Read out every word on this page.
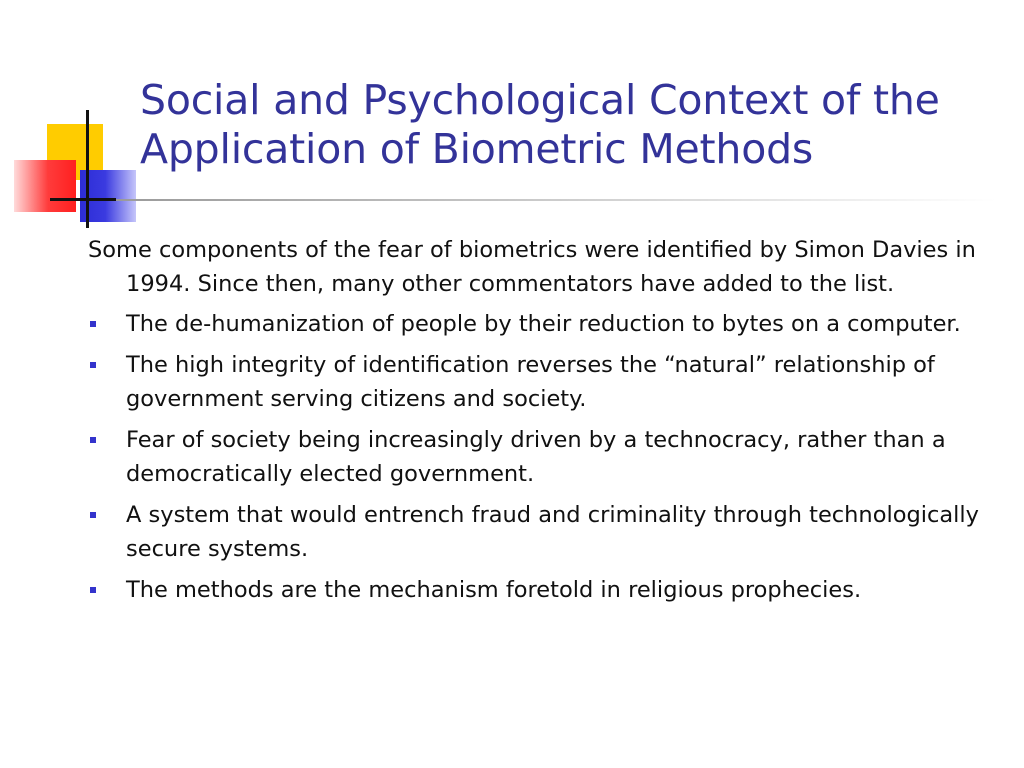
Social and Psychological Context of the Application of Biometric Methods

Some components of the fear of biometrics were identified by Simon Davies in 1994. Since then, many other commentators have added to the list.

The de-humanization of people by their reduction to bytes on a computer.
The high integrity of identification reverses the “natural” relationship of government serving citizens and society.
Fear of society being increasingly driven by a technocracy, rather than a democratically elected government.
A system that would entrench fraud and criminality through technologically secure systems.
The methods are the mechanism foretold in religious prophecies.
